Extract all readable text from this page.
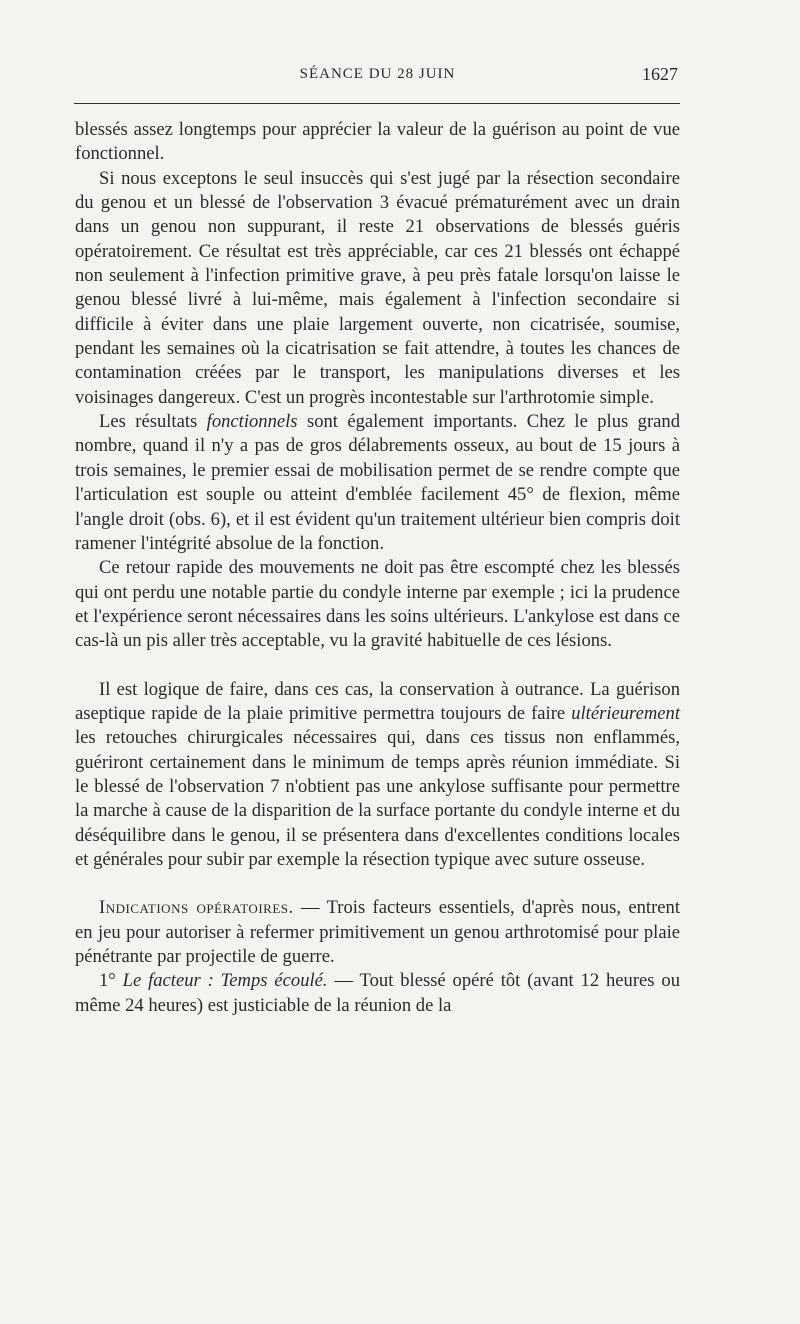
SÉANCE DU 28 JUIN	1627

blessés assez longtemps pour apprécier la valeur de la guérison au point de vue fonctionnel.

Si nous exceptons le seul insuccès qui s'est jugé par la résection secondaire du genou et un blessé de l'observation 3 évacué prématurément avec un drain dans un genou non suppurant, il reste 21 observations de blessés guéris opératoirement. Ce résultat est très appréciable, car ces 21 blessés ont échappé non seulement à l'infection primitive grave, à peu près fatale lorsqu'on laisse le genou blessé livré à lui-même, mais également à l'infection secondaire si difficile à éviter dans une plaie largement ouverte, non cicatrisée, soumise, pendant les semaines où la cicatrisation se fait attendre, à toutes les chances de contamination créées par le transport, les manipulations diverses et les voisinages dangereux. C'est un progrès incontestable sur l'arthrotomie simple.

Les résultats fonctionnels sont également importants. Chez le plus grand nombre, quand il n'y a pas de gros délabrements osseux, au bout de 15 jours à trois semaines, le premier essai de mobilisation permet de se rendre compte que l'articulation est souple ou atteint d'emblée facilement 45° de flexion, même l'angle droit (obs. 6), et il est évident qu'un traitement ultérieur bien compris doit ramener l'intégrité absolue de la fonction.

Ce retour rapide des mouvements ne doit pas être escompté chez les blessés qui ont perdu une notable partie du condyle interne par exemple ; ici la prudence et l'expérience seront nécessaires dans les soins ultérieurs. L'ankylose est dans ce cas-là un pis aller très acceptable, vu la gravité habituelle de ces lésions.

Il est logique de faire, dans ces cas, la conservation à outrance. La guérison aseptique rapide de la plaie primitive permettra toujours de faire ultérieurement les retouches chirurgicales nécessaires qui, dans ces tissus non enflammés, guériront certainement dans le minimum de temps après réunion immédiate. Si le blessé de l'observation 7 n'obtient pas une ankylose suffisante pour permettre la marche à cause de la disparition de la surface portante du condyle interne et du déséquilibre dans le genou, il se présentera dans d'excellentes conditions locales et générales pour subir par exemple la résection typique avec suture osseuse.

Indications opératoires. — Trois facteurs essentiels, d'après nous, entrent en jeu pour autoriser à refermer primitivement un genou arthrotomisé pour plaie pénétrante par projectile de guerre.

1° Le facteur : Temps écoulé. — Tout blessé opéré tôt (avant 12 heures ou même 24 heures) est justiciable de la réunion de la
